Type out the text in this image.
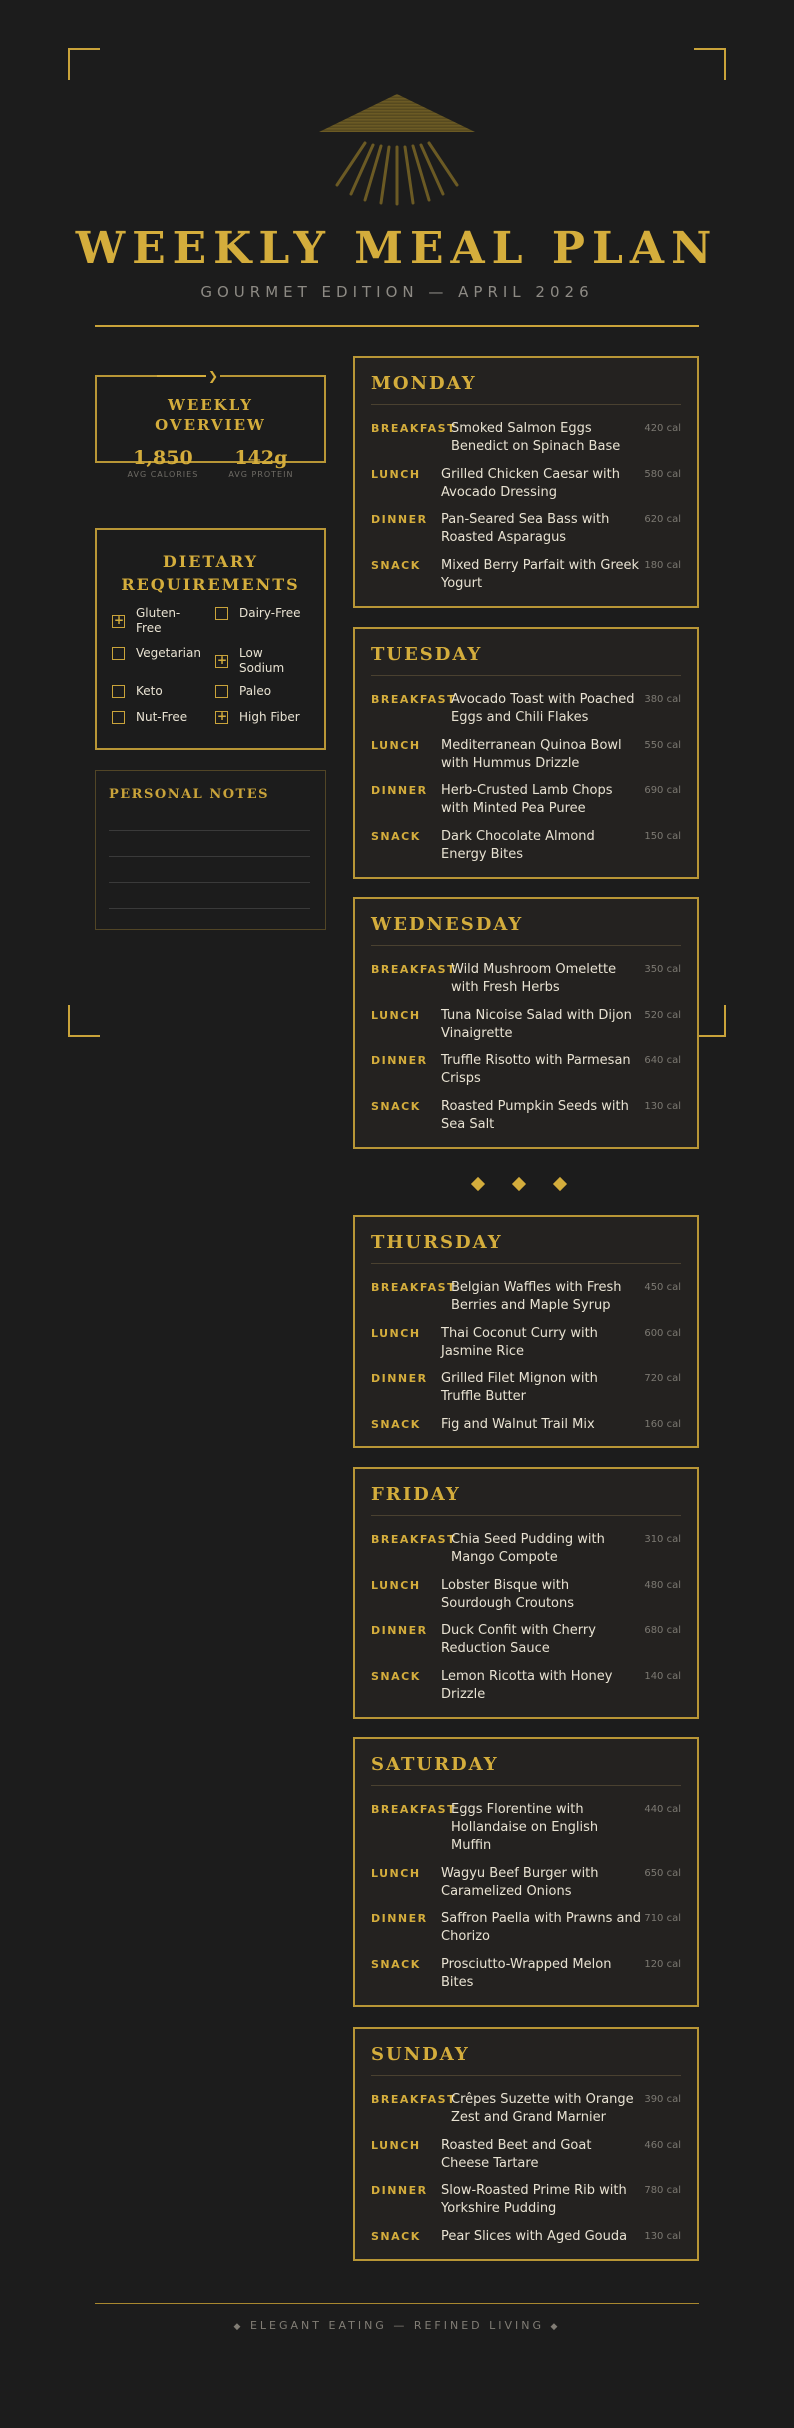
WEEKLY MEAL PLAN
GOURMET EDITION — APRIL 2026
❯
WEEKLY
OVERVIEW
1,850
AVG CALORIES
142g
AVG PROTEIN
DIETARY
REQUIREMENTS
+
Gluten-Free
Dairy-Free
Vegetarian
+	Low Sodium
Keto	Paleo
Nut-Free
+	High Fiber
PERSONAL NOTES
MONDAY
BREAKFAST
Smoked Salmon Eggs Benedict on Spinach Base
420 cal
LUNCH Grilled Chicken Caesar with Avocado Dressing
580 cal
DINNER Pan-Seared Sea Bass with Roasted Asparagus
620 cal
SNACK Mixed Berry Parfait with Greek Yogurt
180 cal
TUESDAY
BREAKFAST
Avocado Toast with Poached Eggs and Chili Flakes
380 cal
LUNCH Mediterranean Quinoa Bowl with Hummus Drizzle
550 cal
DINNER Herb-Crusted Lamb Chops with Minted Pea Puree
690 cal
SNACK Dark Chocolate Almond Energy Bites
150 cal
WEDNESDAY
BREAKFAST
Wild Mushroom Omelette with Fresh Herbs
350 cal
LUNCH Tuna Nicoise Salad with Dijon Vinaigrette
520 cal
DINNER Truffle Risotto with Parmesan Crisps
640 cal
SNACK Roasted Pumpkin Seeds with Sea Salt
130 cal
THURSDAY
BREAKFAST
Belgian Waffles with Fresh Berries and Maple Syrup
450 cal
LUNCH Thai Coconut Curry with Jasmine Rice
600 cal
DINNER Grilled Filet Mignon with Truffle Butter
720 cal
SNACK Fig and Walnut Trail Mix	160 cal
FRIDAY
BREAKFAST
Chia Seed Pudding with Mango Compote
310 cal
LUNCH Lobster Bisque with Sourdough Croutons
480 cal
DINNER Duck Confit with Cherry Reduction Sauce
680 cal
SNACK Lemon Ricotta with Honey Drizzle
140 cal
SATURDAY
BREAKFAST
Eggs Florentine with Hollandaise on English Muffin
440 cal
LUNCH Wagyu Beef Burger with Caramelized Onions
650 cal
DINNER Saffron Paella with Prawns and Chorizo
710 cal
SNACK Prosciutto-Wrapped Melon Bites
120 cal
SUNDAY
BREAKFAST
Crêpes Suzette with Orange Zest and Grand Marnier
390 cal
LUNCH Roasted Beet and Goat Cheese Tartare
460 cal
DINNER Slow-Roasted Prime Rib with Yorkshire Pudding
780 cal
SNACK Pear Slices with Aged Gouda	130 cal
◆ ELEGANT EATING — REFINED LIVING ◆
